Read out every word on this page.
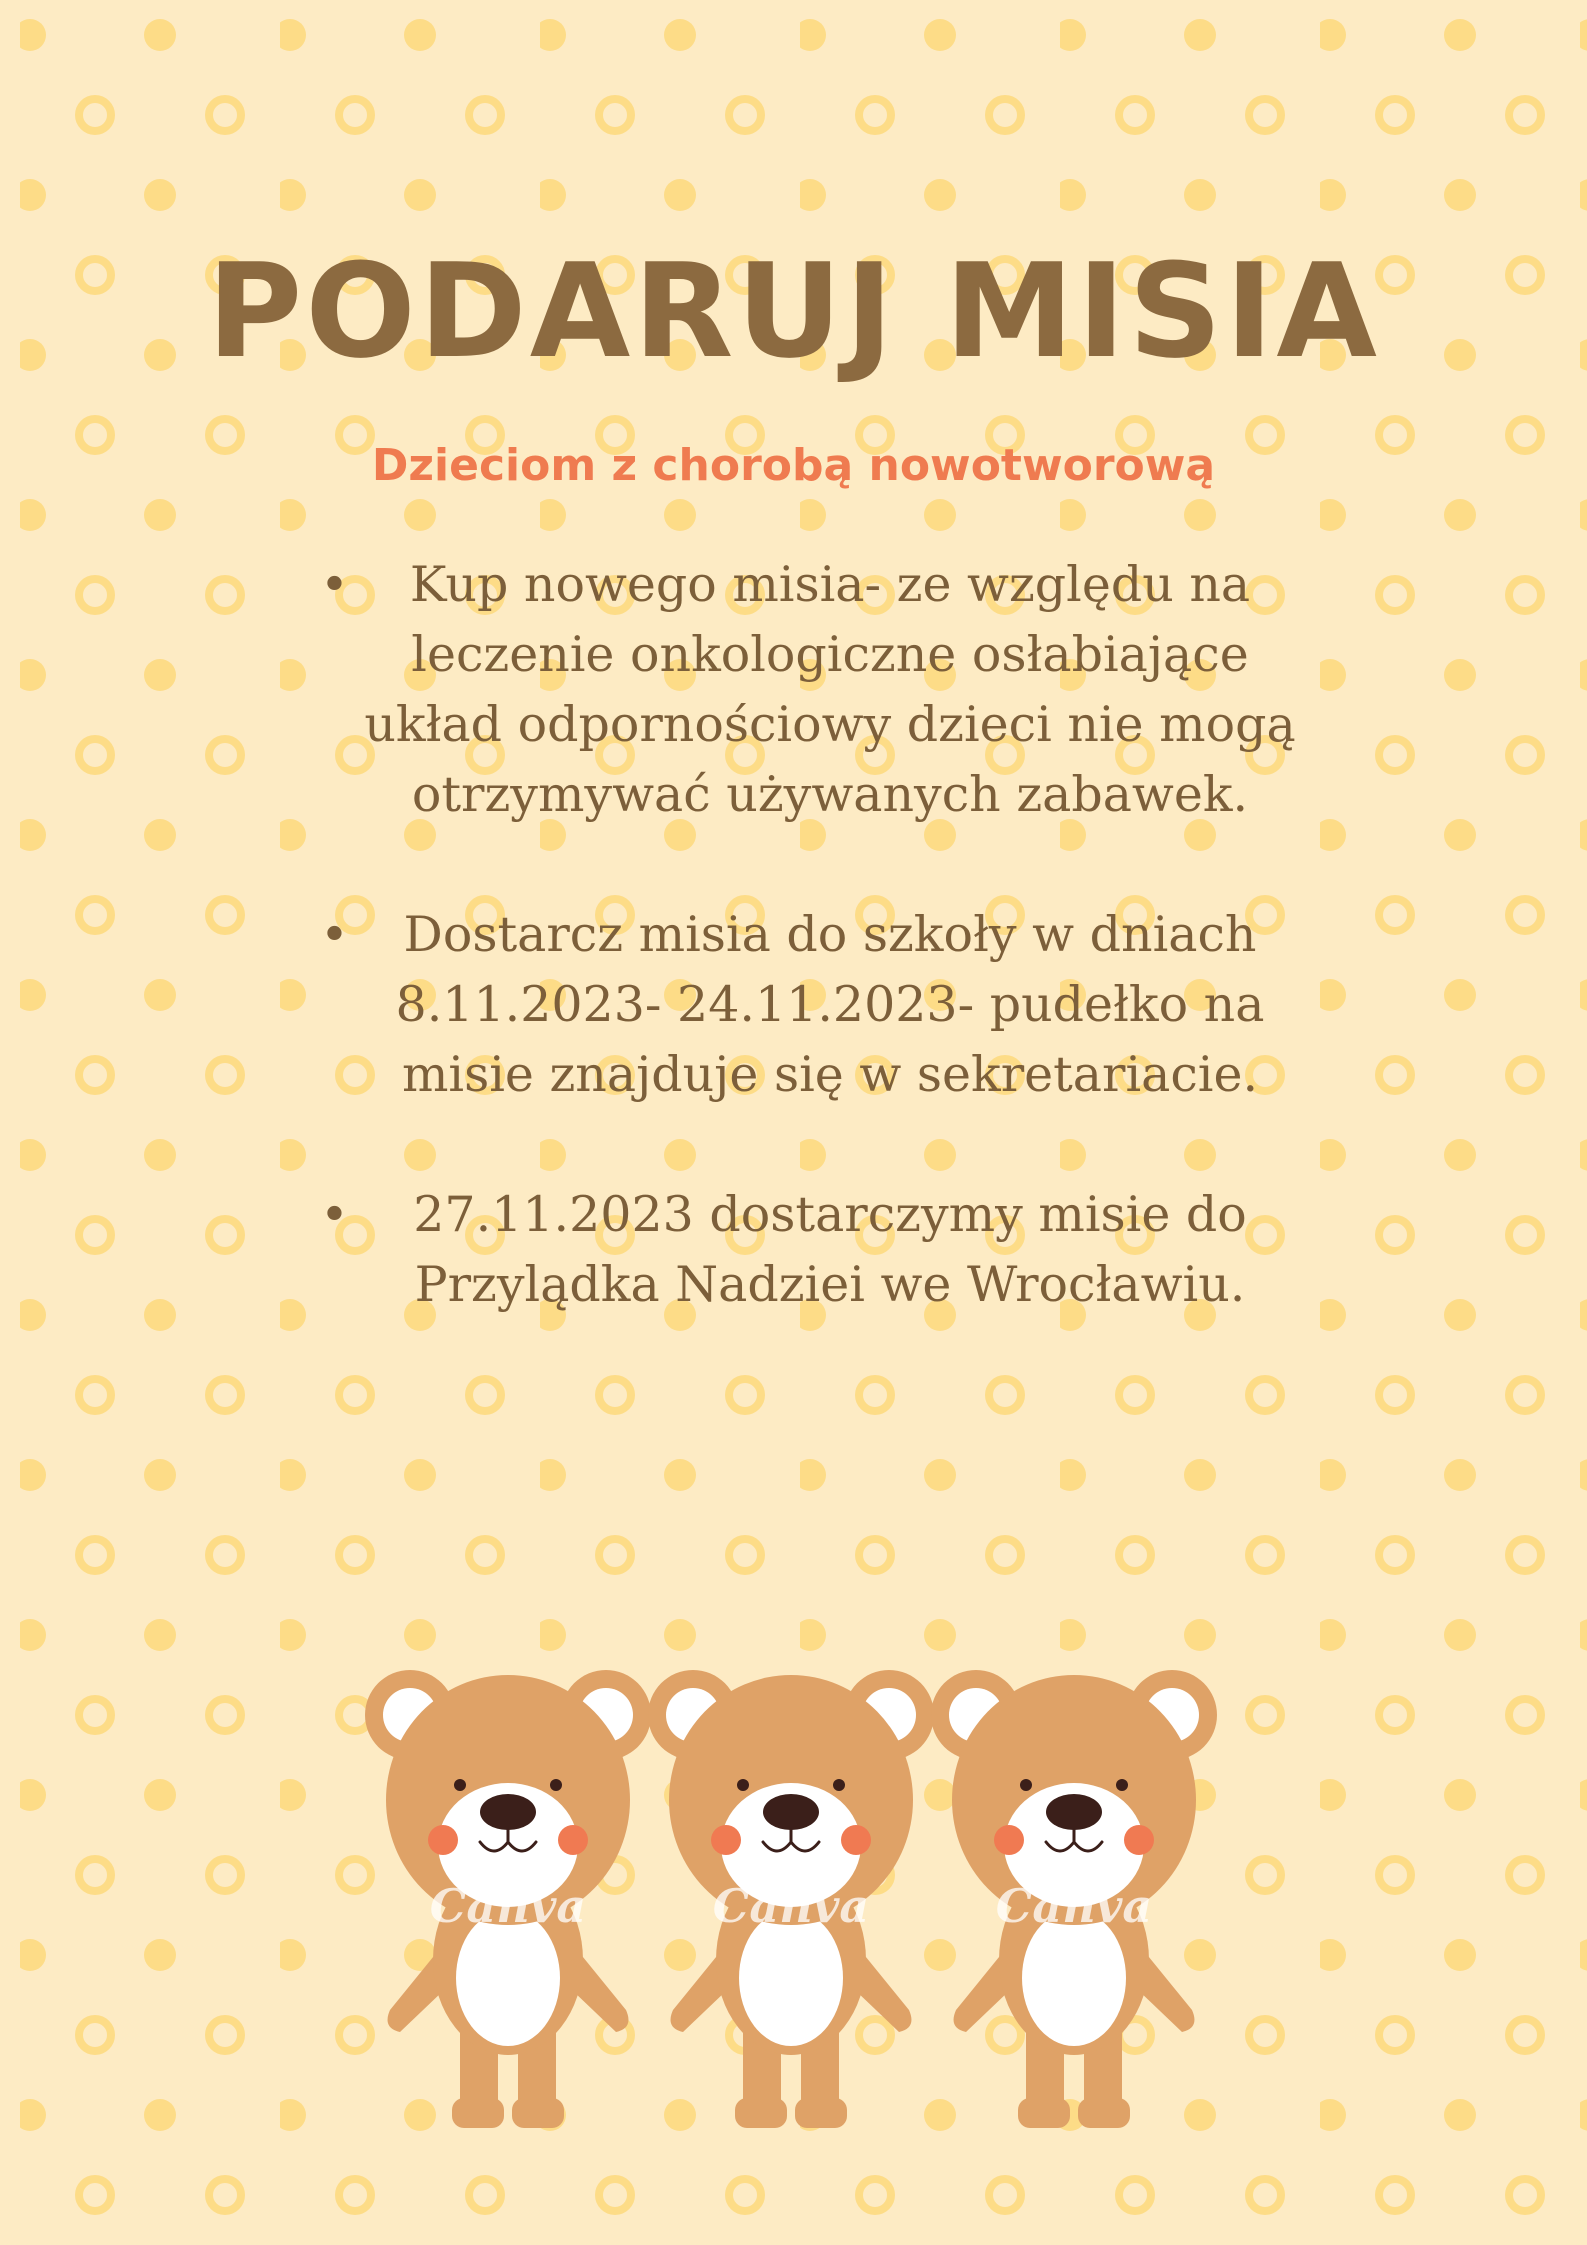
PODARUJ MISIA

Dzieciom z chorobą nowotworową

• Kup nowego misia- ze względu na leczenie onkologiczne osłabiające układ odpornościowy dzieci nie mogą otrzymywać używanych zabawek.
• Dostarcz misia do szkoły w dniach 8.11.2023- 24.11.2023- pudełko na misie znajduje się w sekretariacie.
• 27.11.2023 dostarczymy misie do Przylądka Nadziei we Wrocławiu.
Canva	Canva	Canva
